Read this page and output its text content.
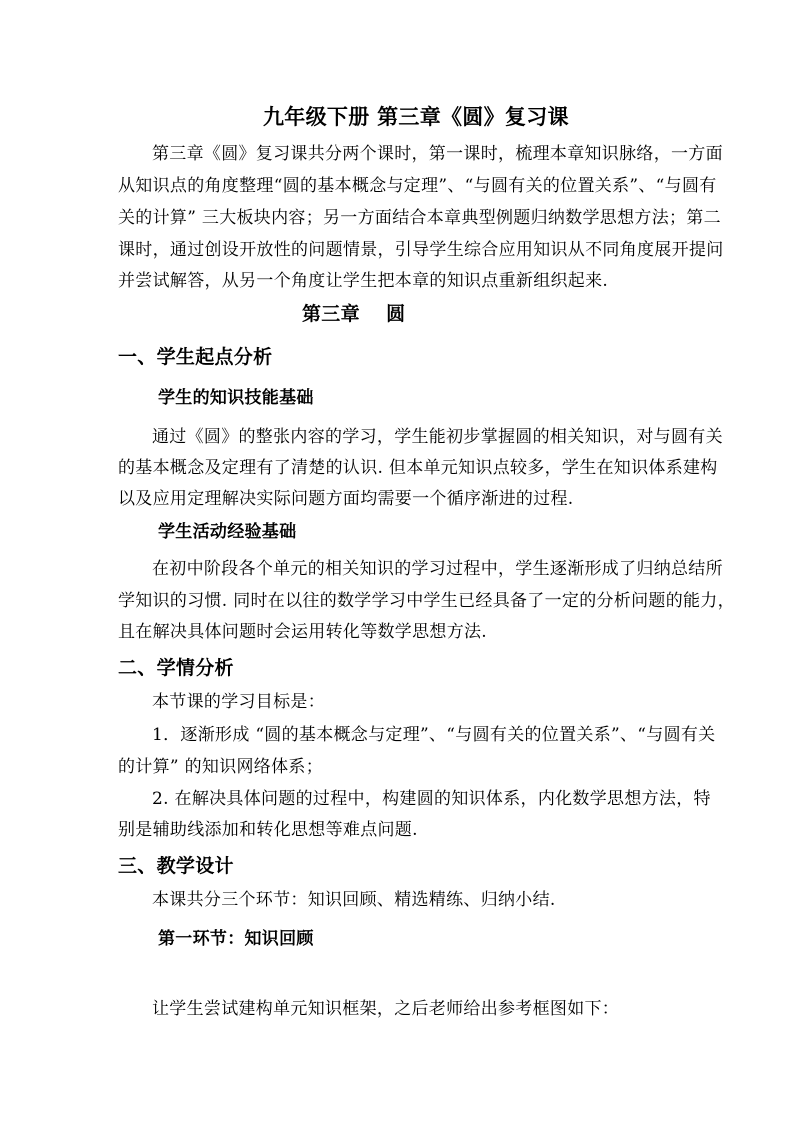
九年级下册 第三章《圆》复习课
第三章《圆》复习课共分两个课时，第一课时，梳理本章知识脉络，一方面
从知识点的角度整理“圆的基本概念与定理”、“与圆有关的位置关系”、“与圆有
关的计算” 三大板块内容；另一方面结合本章典型例题归纳数学思想方法；第二
课时，通过创设开放性的问题情景，引导学生综合应用知识从不同角度展开提问
并尝试解答，从另一个角度让学生把本章的知识点重新组织起来.
第三章　 圆
一、学生起点分析
学生的知识技能基础
通过《圆》的整张内容的学习，学生能初步掌握圆的相关知识，对与圆有关
的基本概念及定理有了清楚的认识. 但本单元知识点较多，学生在知识体系建构
以及应用定理解决实际问题方面均需要一个循序渐进的过程.
学生活动经验基础
在初中阶段各个单元的相关知识的学习过程中，学生逐渐形成了归纳总结所
学知识的习惯. 同时在以往的数学学习中学生已经具备了一定的分析问题的能力，
且在解决具体问题时会运用转化等数学思想方法.
二、学情分析
本节课的学习目标是：
1．逐渐形成 “圆的基本概念与定理”、“与圆有关的位置关系”、“与圆有关
的计算” 的知识网络体系；
2. 在解决具体问题的过程中，构建圆的知识体系，内化数学思想方法，特
别是辅助线添加和转化思想等难点问题.
三、教学设计
本课共分三个环节：知识回顾、精选精练、归纳小结.
第一环节：知识回顾
让学生尝试建构单元知识框架，之后老师给出参考框图如下：
